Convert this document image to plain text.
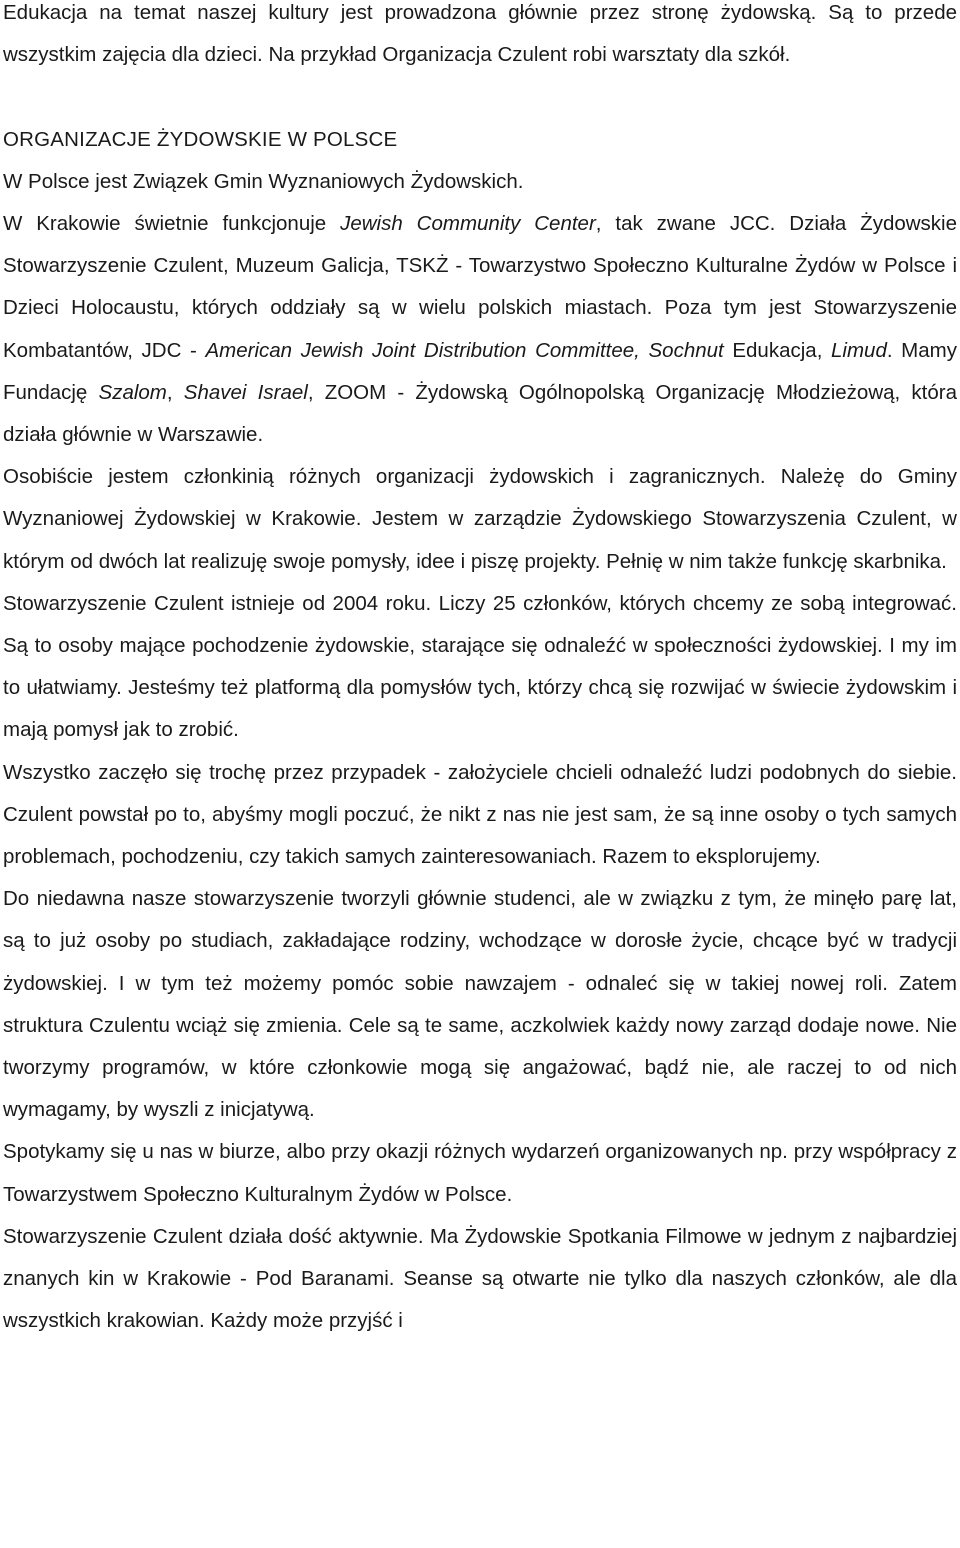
Edukacja na temat naszej kultury jest prowadzona głównie przez stronę żydowską. Są to przede wszystkim zajęcia dla dzieci. Na przykład Organizacja Czulent robi warsztaty dla szkół.

ORGANIZACJE ŻYDOWSKIE W POLSCE

W Polsce jest Związek Gmin Wyznaniowych Żydowskich.

W Krakowie świetnie funkcjonuje Jewish Community Center, tak zwane JCC. Działa Żydowskie Stowarzyszenie Czulent, Muzeum Galicja, TSKŻ - Towarzystwo Społeczno Kulturalne Żydów w Polsce i Dzieci Holocaustu, których oddziały są w wielu polskich miastach. Poza tym jest Stowarzyszenie Kombatantów, JDC - American Jewish Joint Distribution Committee, Sochnut Edukacja, Limud. Mamy Fundację Szalom, Shavei Israel, ZOOM - Żydowską Ogólnopolską Organizację Młodzieżową, która działa głównie w Warszawie.

Osobiście jestem członkinią różnych organizacji żydowskich i zagranicznych. Należę do Gminy Wyznaniowej Żydowskiej w Krakowie. Jestem w zarządzie Żydowskiego Stowarzyszenia Czulent, w którym od dwóch lat realizuję swoje pomysły, idee i piszę projekty. Pełnię w nim także funkcję skarbnika.

Stowarzyszenie Czulent istnieje od 2004 roku. Liczy 25 członków, których chcemy ze sobą integrować. Są to osoby mające pochodzenie żydowskie, starające się odnaleźć w społeczności żydowskiej. I my im to ułatwiamy. Jesteśmy też platformą dla pomysłów tych, którzy chcą się rozwijać w świecie żydowskim i mają pomysł jak to zrobić.

Wszystko zaczęło się trochę przez przypadek - założyciele chcieli odnaleźć ludzi podobnych do siebie. Czulent powstał po to, abyśmy mogli poczuć, że nikt z nas nie jest sam, że są inne osoby o tych samych problemach, pochodzeniu, czy takich samych zainteresowaniach. Razem to eksplorujemy.

Do niedawna nasze stowarzyszenie tworzyli głównie studenci, ale w związku z tym, że minęło parę lat, są to już osoby po studiach, zakładające rodziny, wchodzące w dorosłe życie, chcące być w tradycji żydowskiej. I w tym też możemy pomóc sobie nawzajem - odnaleć się w takiej nowej roli. Zatem struktura Czulentu wciąż się zmienia. Cele są te same, aczkolwiek każdy nowy zarząd dodaje nowe. Nie tworzymy programów, w które członkowie mogą się angażować, bądź nie, ale raczej to od nich wymagamy, by wyszli z inicjatywą.

Spotykamy się u nas w biurze, albo przy okazji różnych wydarzeń organizowanych np. przy współpracy z Towarzystwem Społeczno Kulturalnym Żydów w Polsce.

Stowarzyszenie Czulent działa dość aktywnie. Ma Żydowskie Spotkania Filmowe w jednym z najbardziej znanych kin w Krakowie - Pod Baranami. Seanse są otwarte nie tylko dla naszych członków, ale dla wszystkich krakowian. Każdy może przyjść i
